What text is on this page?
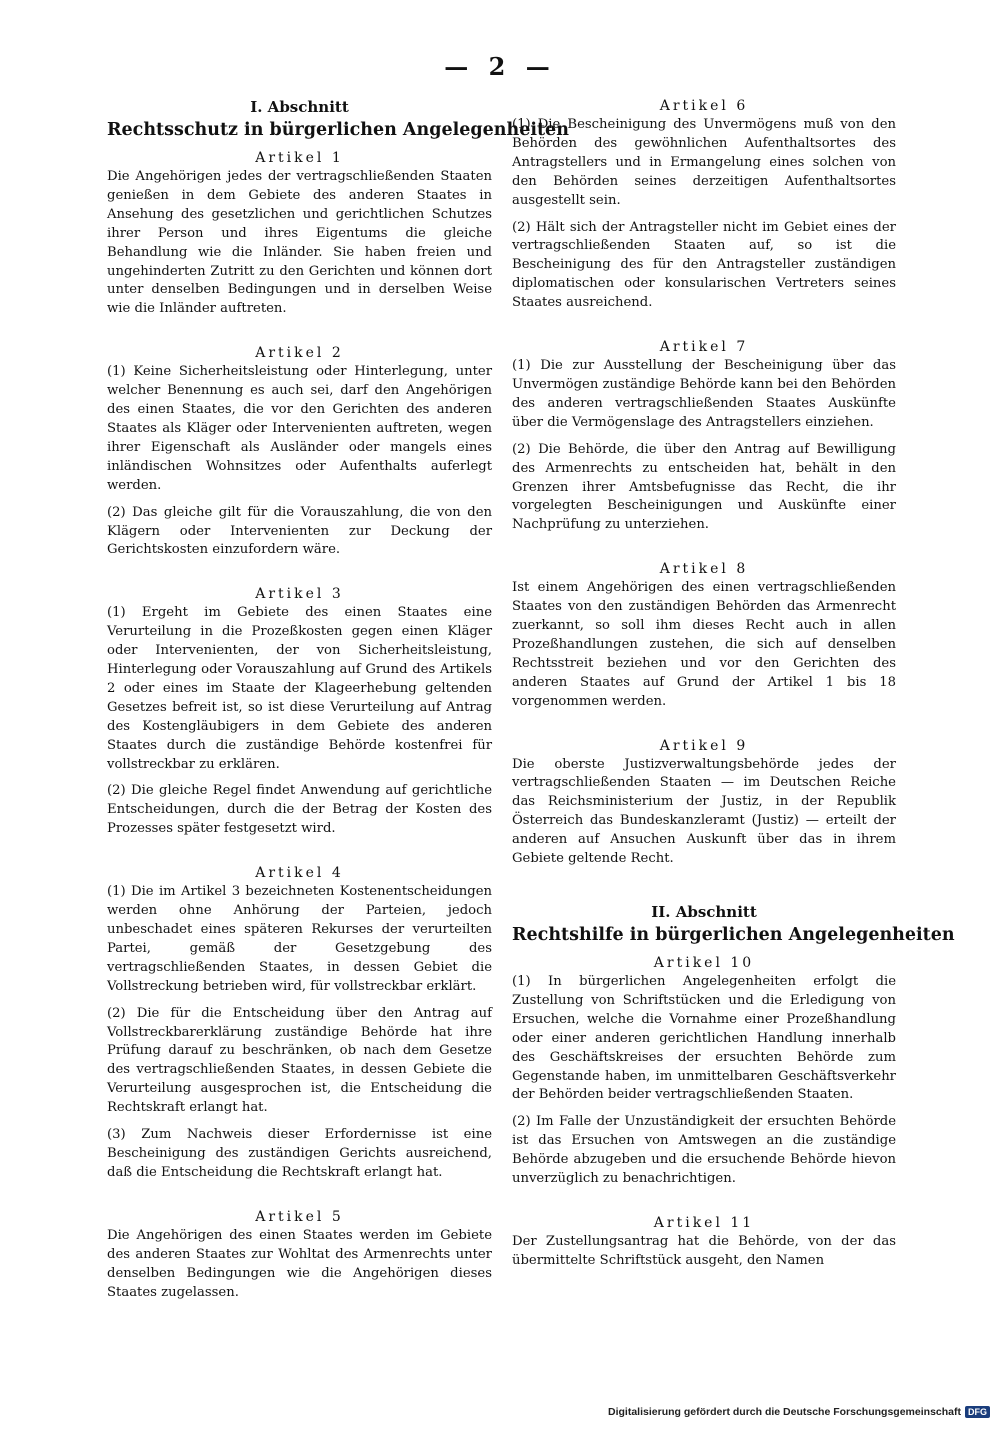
— 2 —
I. Abschnitt
Rechtsschutz in bürgerlichen Angelegenheiten
Artikel 1

Die Angehörigen jedes der vertragschließenden Staaten genießen in dem Gebiete des anderen Staates in Ansehung des gesetzlichen und gerichtlichen Schutzes ihrer Person und ihres Eigentums die gleiche Behandlung wie die Inländer. Sie haben freien und ungehinderten Zutritt zu den Gerichten und können dort unter denselben Bedingungen und in derselben Weise wie die Inländer auftreten.

Artikel 2

(1) Keine Sicherheitsleistung oder Hinterlegung, unter welcher Benennung es auch sei, darf den Angehörigen des einen Staates, die vor den Gerichten des anderen Staates als Kläger oder Intervenienten auftreten, wegen ihrer Eigenschaft als Ausländer oder mangels eines inländischen Wohnsitzes oder Aufenthalts auferlegt werden.

(2) Das gleiche gilt für die Vorauszahlung, die von den Klägern oder Intervenienten zur Deckung der Gerichtskosten einzufordern wäre.

Artikel 3

(1) Ergeht im Gebiete des einen Staates eine Verurteilung in die Prozeßkosten gegen einen Kläger oder Intervenienten, der von Sicherheitsleistung, Hinterlegung oder Vorauszahlung auf Grund des Artikels 2 oder eines im Staate der Klageerhebung geltenden Gesetzes befreit ist, so ist diese Verurteilung auf Antrag des Kostengläubigers in dem Gebiete des anderen Staates durch die zuständige Behörde kostenfrei für vollstreckbar zu erklären.

(2) Die gleiche Regel findet Anwendung auf gerichtliche Entscheidungen, durch die der Betrag der Kosten des Prozesses später festgesetzt wird.

Artikel 4

(1) Die im Artikel 3 bezeichneten Kostenentscheidungen werden ohne Anhörung der Parteien, jedoch unbeschadet eines späteren Rekurses der verurteilten Partei, gemäß der Gesetzgebung des vertragschließenden Staates, in dessen Gebiet die Vollstreckung betrieben wird, für vollstreckbar erklärt.

(2) Die für die Entscheidung über den Antrag auf Vollstreckbarerklärung zuständige Behörde hat ihre Prüfung darauf zu beschränken, ob nach dem Gesetze des vertragschließenden Staates, in dessen Gebiete die Verurteilung ausgesprochen ist, die Entscheidung die Rechtskraft erlangt hat.

(3) Zum Nachweis dieser Erfordernisse ist eine Bescheinigung des zuständigen Gerichts ausreichend, daß die Entscheidung die Rechtskraft erlangt hat.

Artikel 5

Die Angehörigen des einen Staates werden im Gebiete des anderen Staates zur Wohltat des Armenrechts unter denselben Bedingungen wie die Angehörigen dieses Staates zugelassen.

Artikel 6

(1) Die Bescheinigung des Unvermögens muß von den Behörden des gewöhnlichen Aufenthaltsortes des Antragstellers und in Ermangelung eines solchen von den Behörden seines derzeitigen Aufenthaltsortes ausgestellt sein.

(2) Hält sich der Antragsteller nicht im Gebiet eines der vertragschließenden Staaten auf, so ist die Bescheinigung des für den Antragsteller zuständigen diplomatischen oder konsularischen Vertreters seines Staates ausreichend.

Artikel 7

(1) Die zur Ausstellung der Bescheinigung über das Unvermögen zuständige Behörde kann bei den Behörden des anderen vertragschließenden Staates Auskünfte über die Vermögenslage des Antragstellers einziehen.

(2) Die Behörde, die über den Antrag auf Bewilligung des Armenrechts zu entscheiden hat, behält in den Grenzen ihrer Amtsbefugnisse das Recht, die ihr vorgelegten Bescheinigungen und Auskünfte einer Nachprüfung zu unterziehen.

Artikel 8

Ist einem Angehörigen des einen vertragschließenden Staates von den zuständigen Behörden das Armenrecht zuerkannt, so soll ihm dieses Recht auch in allen Prozeßhandlungen zustehen, die sich auf denselben Rechtsstreit beziehen und vor den Gerichten des anderen Staates auf Grund der Artikel 1 bis 18 vorgenommen werden.

Artikel 9

Die oberste Justizverwaltungsbehörde jedes der vertragschließenden Staaten — im Deutschen Reiche das Reichsministerium der Justiz, in der Republik Österreich das Bundeskanzleramt (Justiz) — erteilt der anderen auf Ansuchen Auskunft über das in ihrem Gebiete geltende Recht.

II. Abschnitt
Rechtshilfe in bürgerlichen Angelegenheiten
Artikel 10

(1) In bürgerlichen Angelegenheiten erfolgt die Zustellung von Schriftstücken und die Erledigung von Ersuchen, welche die Vornahme einer Prozeßhandlung oder einer anderen gerichtlichen Handlung innerhalb des Geschäftskreises der ersuchten Behörde zum Gegenstande haben, im unmittelbaren Geschäftsverkehr der Behörden beider vertragschließenden Staaten.

(2) Im Falle der Unzuständigkeit der ersuchten Behörde ist das Ersuchen von Amtswegen an die zuständige Behörde abzugeben und die ersuchende Behörde hievon unverzüglich zu benachrichtigen.

Artikel 11

Der Zustellungsantrag hat die Behörde, von der das übermittelte Schriftstück ausgeht, den Namen

Digitalisierung gefördert durch die Deutsche Forschungsgemeinschaft DFG
